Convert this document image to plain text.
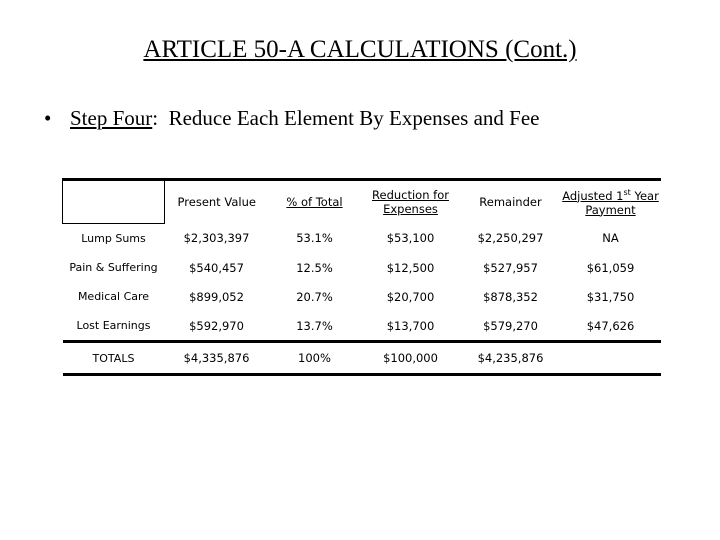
ARTICLE 50-A CALCULATIONS (Cont.)
• Step Four:  Reduce Each Element By Expenses and Fee
	Present Value	% of Total	Reduction for Expenses	Remainder	Adjusted 1st Year Payment
Lump Sums	$2,303,397	53.1%	$53,100	$2,250,297	NA
Pain & Suffering	$540,457	12.5%	$12,500	$527,957	$61,059
Medical Care	$899,052	20.7%	$20,700	$878,352	$31,750
Lost Earnings	$592,970	13.7%	$13,700	$579,270	$47,626
TOTALS	$4,335,876	100%	$100,000	$4,235,876	
